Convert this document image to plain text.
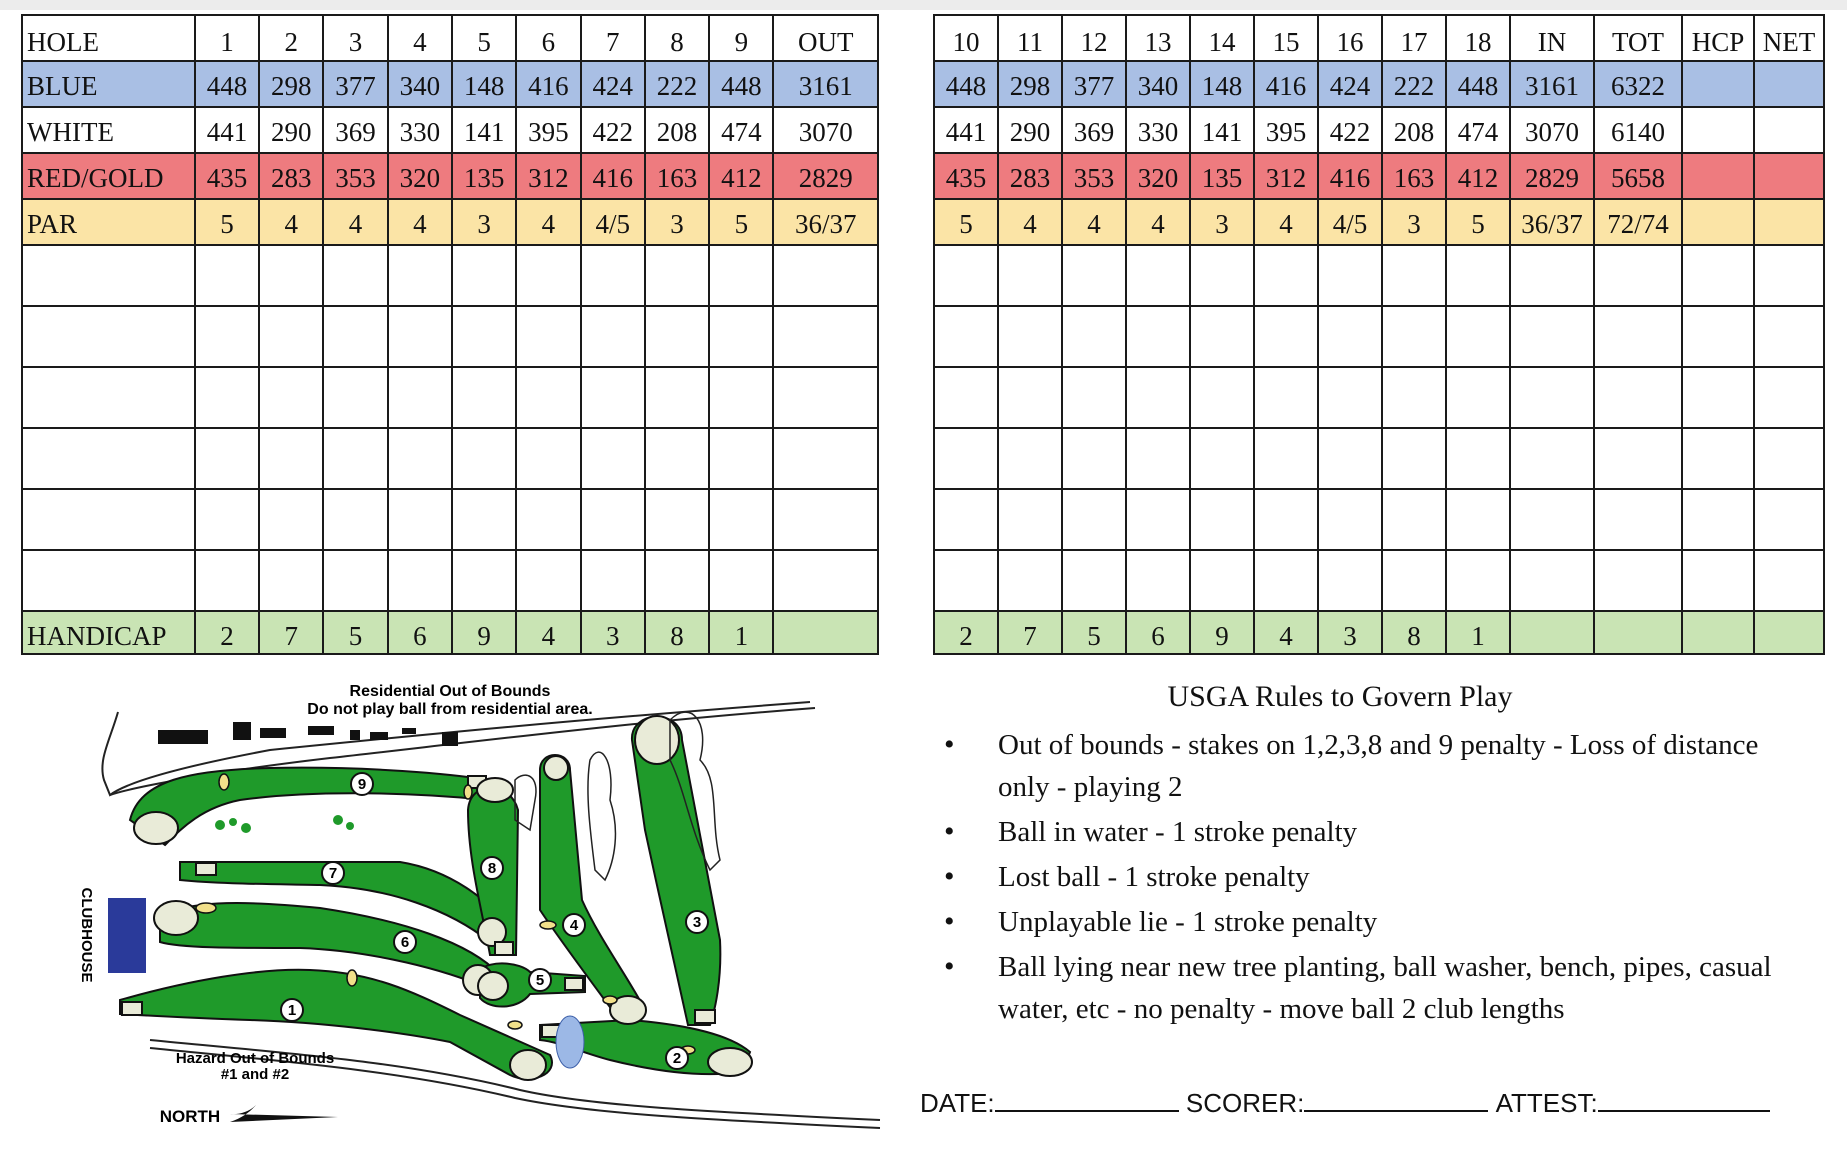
HOLE	1	2	3	4	5	6	7	8	9	OUT

BLUE	448	298	377	340	148	416	424	222	448	3161

WHITE	441	290	369	330	141	395	422	208	474	3070

RED/GOLD	435	283	353	320	135	312	416	163	412	2829

PAR	5	4	4	4	3	4	4/5	3	5	36/37

HANDICAP	2	7	5	6	9	4	3	8	1	

10	11	12	13	14	15	16	17	18	IN	TOT	HCP	NET

448	298	377	340	148	416	424	222	448	3161	6322		

441	290	369	330	141	395	422	208	474	3070	6140		

435	283	353	320	135	312	416	163	412	2829	5658		

5	4	4	4	3	4	4/5	3	5	36/37	72/74		

2	7	5	6	9	4	3	8	1				

1
2
3
4
5
6
7	8
9
Residential Out of Bounds
Do not play ball from residential area.
CLUBHOUSE
Hazard Out of Bounds
#1 and #2
NORTH
USGA Rules to Govern Play
• Out of bounds - stakes on 1,2,3,8 and 9 penalty - Loss of distance only - playing 2
• Ball in water - 1 stroke penalty
• Lost ball - 1 stroke penalty
• Unplayable lie - 1 stroke penalty
• Ball lying near new tree planting, ball washer, bench, pipes, casual water, etc - no penalty - move ball 2 club lengths
DATE:	SCORER:	ATTEST:
